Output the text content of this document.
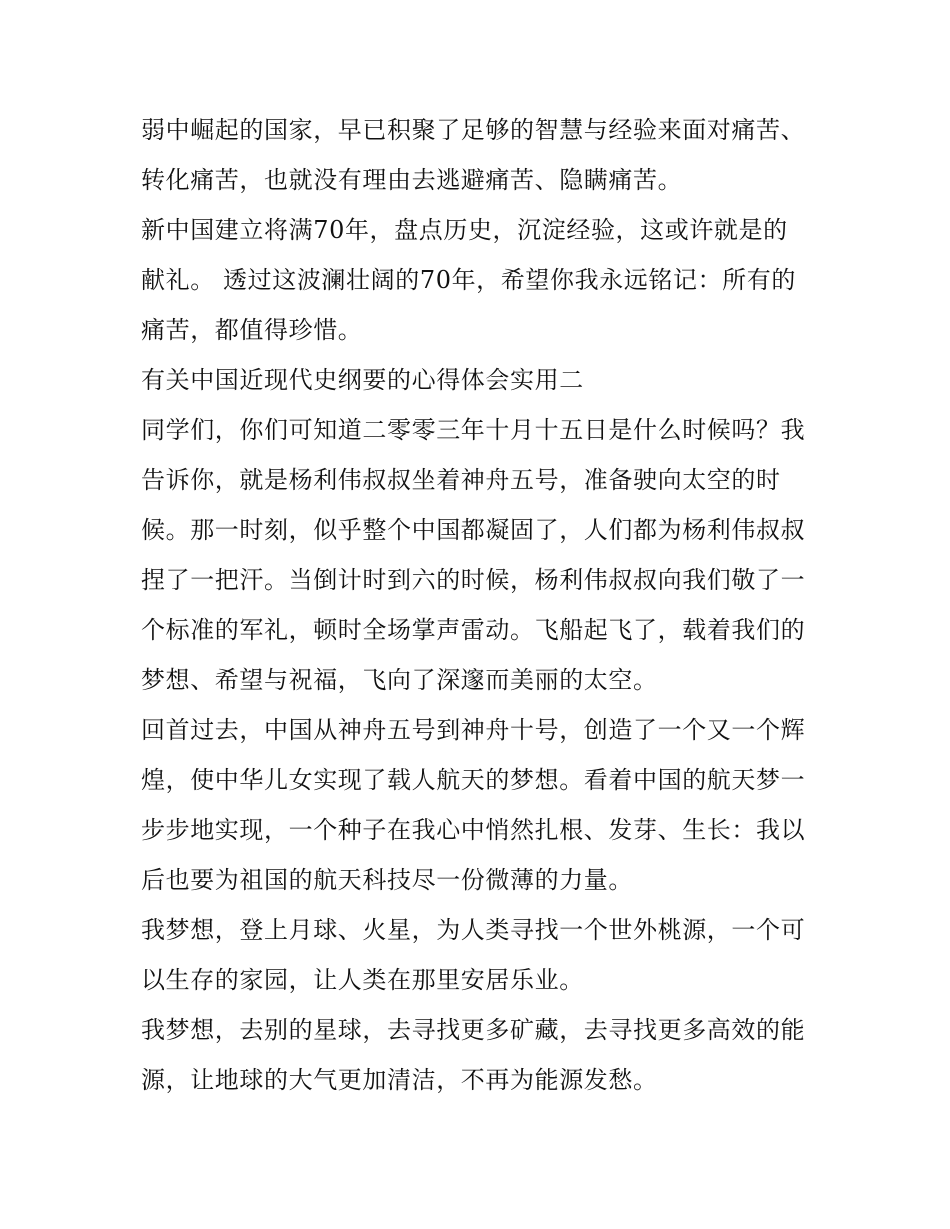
弱中崛起的国家，早已积聚了足够的智慧与经验来面对痛苦、
转化痛苦，也就没有理由去逃避痛苦、隐瞒痛苦。
新中国建立将满70年，盘点历史，沉淀经验，这或许就是的
献礼。 透过这波澜壮阔的70年，希望你我永远铭记：所有的
痛苦，都值得珍惜。
有关中国近现代史纲要的心得体会实用二
同学们，你们可知道二零零三年十月十五日是什么时候吗？我
告诉你，就是杨利伟叔叔坐着神舟五号，准备驶向太空的时
候。那一时刻，似乎整个中国都凝固了，人们都为杨利伟叔叔
捏了一把汗。当倒计时到六的时候，杨利伟叔叔向我们敬了一
个标准的军礼，顿时全场掌声雷动。飞船起飞了，载着我们的
梦想、希望与祝福，飞向了深邃而美丽的太空。
回首过去，中国从神舟五号到神舟十号，创造了一个又一个辉
煌，使中华儿女实现了载人航天的梦想。看着中国的航天梦一
步步地实现，一个种子在我心中悄然扎根、发芽、生长：我以
后也要为祖国的航天科技尽一份微薄的力量。
我梦想，登上月球、火星，为人类寻找一个世外桃源，一个可
以生存的家园，让人类在那里安居乐业。
我梦想，去别的星球，去寻找更多矿藏，去寻找更多高效的能
源，让地球的大气更加清洁，不再为能源发愁。
